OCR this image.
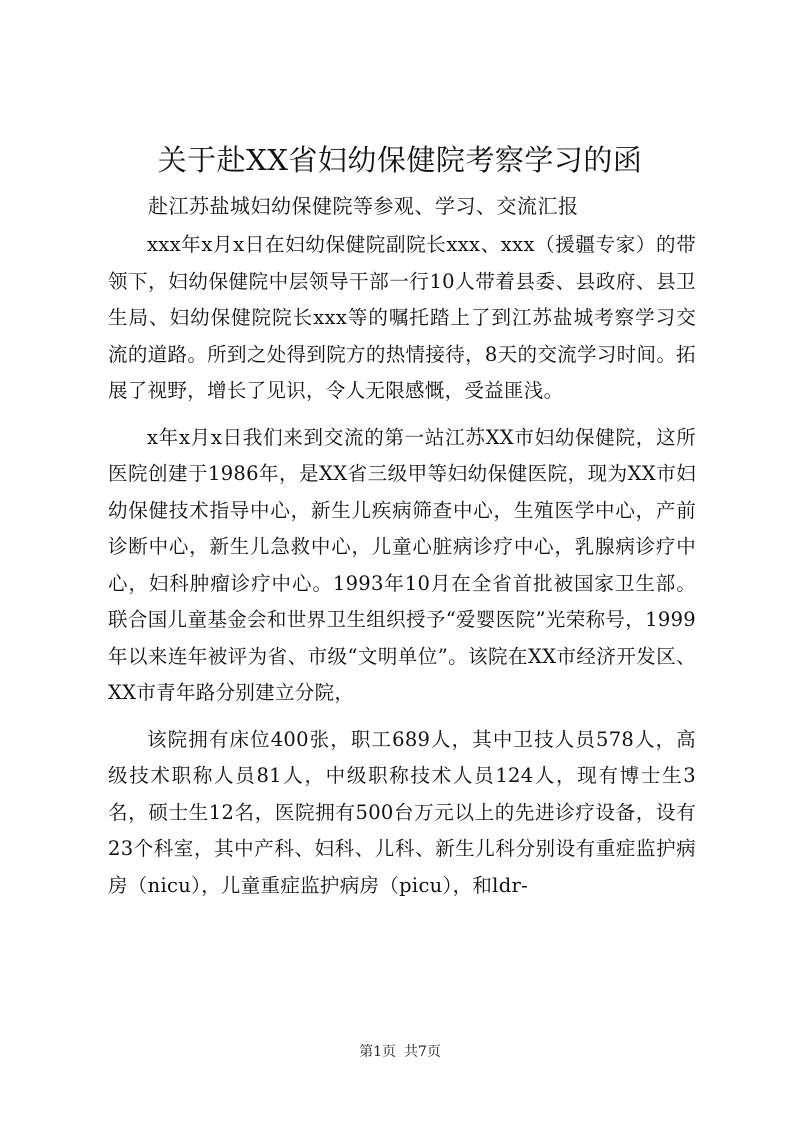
关于赴XX省妇幼保健院考察学习的函

赴江苏盐城妇幼保健院等参观、学习、交流汇报

xxx年x月x日在妇幼保健院副院长xxx、xxx（援疆专家）的带领下，妇幼保健院中层领导干部一行10人带着县委、县政府、县卫生局、妇幼保健院院长xxx等的嘱托踏上了到江苏盐城考察学习交流的道路。所到之处得到院方的热情接待，8天的交流学习时间。拓展了视野，增长了见识，令人无限感慨，受益匪浅。

x年x月x日我们来到交流的第一站江苏XX市妇幼保健院，这所医院创建于1986年，是XX省三级甲等妇幼保健医院，现为XX市妇幼保健技术指导中心，新生儿疾病筛查中心，生殖医学中心，产前诊断中心，新生儿急救中心，儿童心脏病诊疗中心，乳腺病诊疗中心，妇科肿瘤诊疗中心。1993年10月在全省首批被国家卫生部。联合国儿童基金会和世界卫生组织授予“爱婴医院”光荣称号，1999年以来连年被评为省、市级“文明单位”。该院在XX市经济开发区、XX市青年路分别建立分院，

该院拥有床位400张，职工689人，其中卫技人员578人，高级技术职称人员81人，中级职称技术人员124人，现有博士生3名，硕士生12名，医院拥有500台万元以上的先进诊疗设备，设有23个科室，其中产科、妇科、儿科、新生儿科分别设有重症监护病房（nicu），儿童重症监护病房（picu），和ldr-

第1页 共7页
